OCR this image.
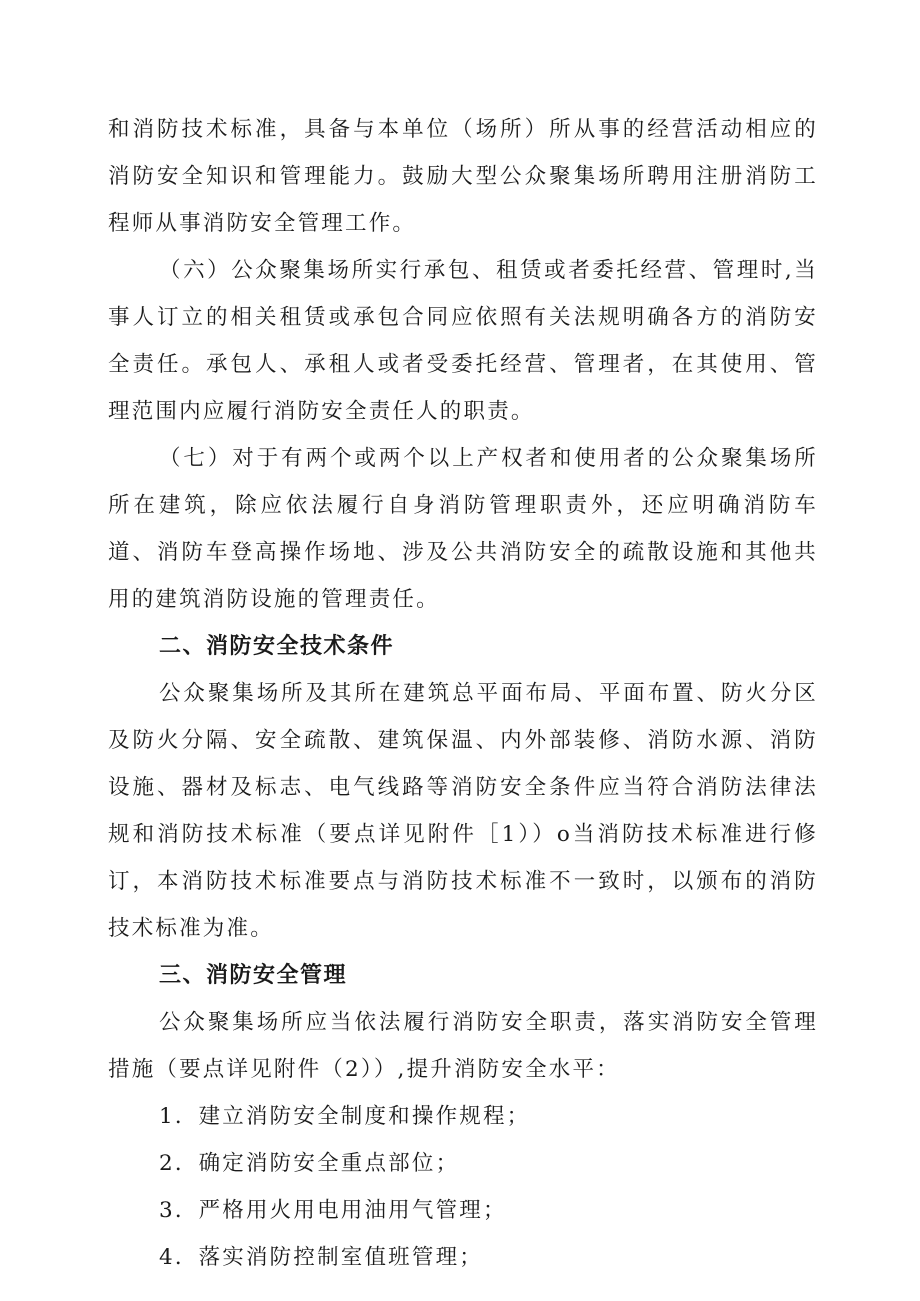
和消防技术标准，具备与本单位（场所）所从事的经营活动相应的消防安全知识和管理能力。鼓励大型公众聚集场所聘用注册消防工程师从事消防安全管理工作。

（六）公众聚集场所实行承包、租赁或者委托经营、管理时,当事人订立的相关租赁或承包合同应依照有关法规明确各方的消防安全责任。承包人、承租人或者受委托经营、管理者，在其使用、管理范围内应履行消防安全责任人的职责。

（七）对于有两个或两个以上产权者和使用者的公众聚集场所所在建筑，除应依法履行自身消防管理职责外，还应明确消防车道、消防车登高操作场地、涉及公共消防安全的疏散设施和其他共用的建筑消防设施的管理责任。

二、消防安全技术条件

公众聚集场所及其所在建筑总平面布局、平面布置、防火分区及防火分隔、安全疏散、建筑保温、内外部装修、消防水源、消防设施、器材及标志、电气线路等消防安全条件应当符合消防法律法规和消防技术标准（要点详见附件［1））o当消防技术标准进行修订，本消防技术标准要点与消防技术标准不一致时，以颁布的消防技术标准为准。

三、消防安全管理

公众聚集场所应当依法履行消防安全职责，落实消防安全管理措施（要点详见附件（2））,提升消防安全水平：

1．建立消防安全制度和操作规程；

2．确定消防安全重点部位；

3．严格用火用电用油用气管理；

4．落实消防控制室值班管理；
